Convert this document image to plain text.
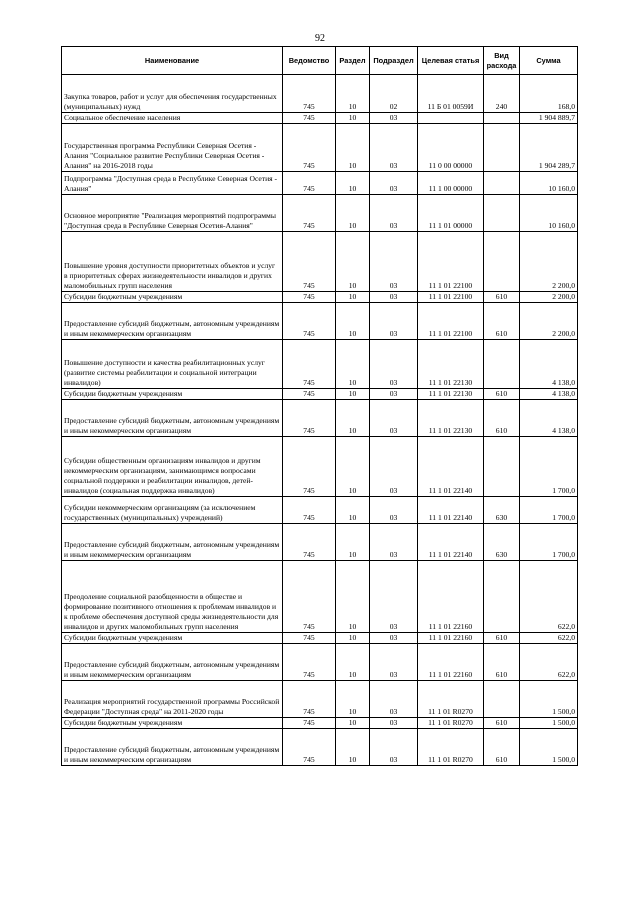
92
Наименование	Ведомство	Раздел	Подраздел	Целевая статья	Вид расхода	Сумма
Закупка товаров, работ и услуг для обеспечения государственных (муниципальных) нужд	745	10	02	11 Б 01 0059И	240	168,0
Социальное обеспечение населения	745	10	03			1 904 889,7
Государственная программа Республики Северная Осетия - Алания "Социальное развитие Республики Северная Осетия - Алания" на 2016-2018 годы	745	10	03	11 0 00 00000		1 904 289,7
Подпрограмма "Доступная среда в Республике Северная Осетия - Алания"	745	10	03	11 1 00 00000		10 160,0
Основное мероприятие "Реализация мероприятий подпрограммы "Доступная среда в Республике Северная Осетия-Алания"	745	10	03	11 1 01 00000		10 160,0
Повышение уровня доступности приоритетных объектов и услуг в приоритетных сферах жизнедеятельности инвалидов и других маломобильных групп населения	745	10	03	11 1 01 22100		2 200,0
Субсидии бюджетным учреждениям	745	10	03	11 1 01 22100	610	2 200,0
Предоставление субсидий бюджетным, автономным учреждениям и иным некоммерческим организациям	745	10	03	11 1 01 22100	610	2 200,0
Повышение доступности и качества реабилитационных услуг (развитие системы реабилитации и социальной интеграции инвалидов)	745	10	03	11 1 01 22130		4 138,0
Субсидии бюджетным учреждениям	745	10	03	11 1 01 22130	610	4 138,0
Предоставление субсидий бюджетным, автономным учреждениям и иным некоммерческим организациям	745	10	03	11 1 01 22130	610	4 138,0
Субсидии общественным организациям инвалидов и другим некоммерческим организациям, занимающимся вопросами социальной поддержки и реабилитации инвалидов, детей-инвалидов (социальная поддержка инвалидов)	745	10	03	11 1 01 22140		1 700,0
Субсидии некоммерческим организациям (за исключением государственных (муниципальных) учреждений)	745	10	03	11 1 01 22140	630	1 700,0
Предоставление субсидий бюджетным, автономным учреждениям и иным некоммерческим организациям	745	10	03	11 1 01 22140	630	1 700,0
Преодоление социальной разобщенности в обществе и формирование позитивного отношения к проблемам инвалидов и к проблеме обеспечения доступной среды жизнедеятельности для инвалидов и других маломобильных групп населения	745	10	03	11 1 01 22160		622,0
Субсидии бюджетным учреждениям	745	10	03	11 1 01 22160	610	622,0
Предоставление субсидий бюджетным, автономным учреждениям и иным некоммерческим организациям	745	10	03	11 1 01 22160	610	622,0
Реализация мероприятий государственной программы Российской Федерации "Доступная среда" на 2011-2020 годы	745	10	03	11 1 01 R0270		1 500,0
Субсидии бюджетным учреждениям	745	10	03	11 1 01 R0270	610	1 500,0
Предоставление субсидий бюджетным, автономным учреждениям и иным некоммерческим организациям	745	10	03	11 1 01 R0270	610	1 500,0
